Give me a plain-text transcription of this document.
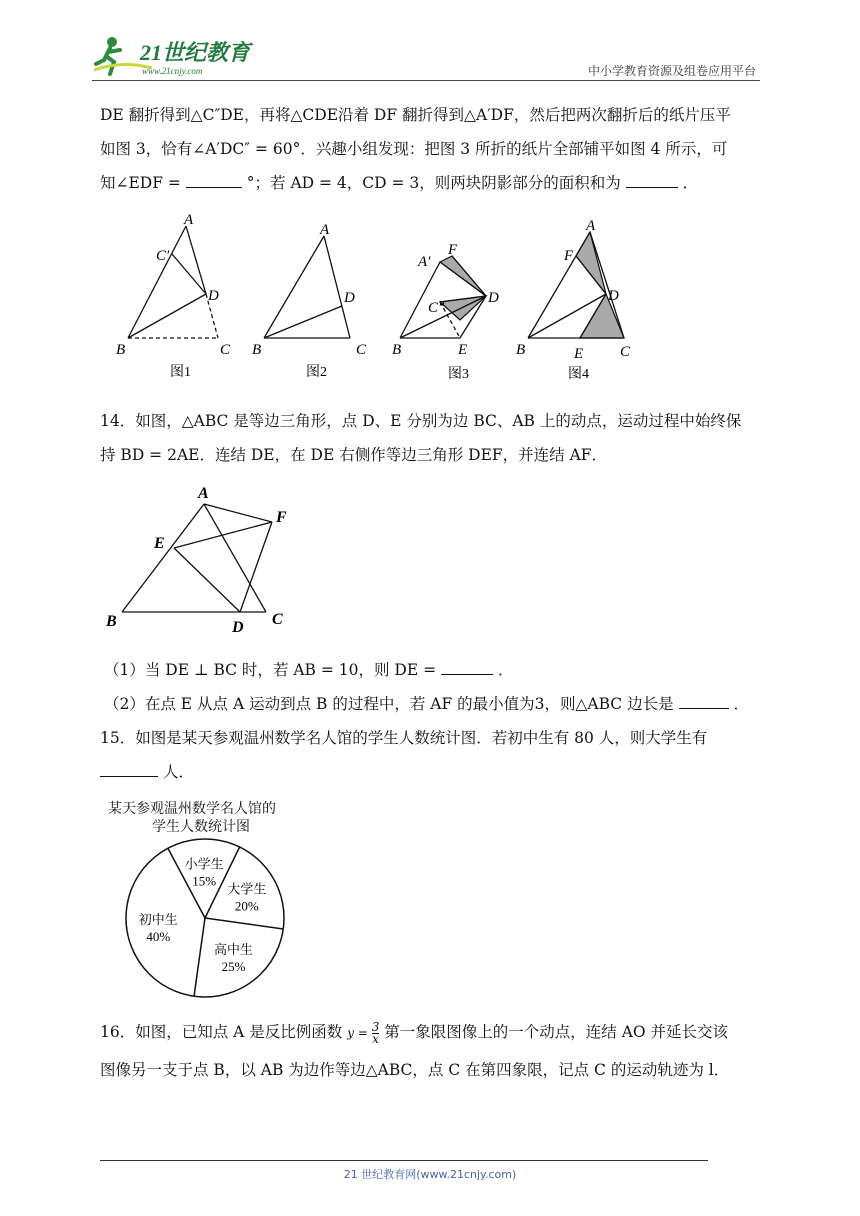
21世纪教育
www.21cnjy.com	中小学教育资源及组卷应用平台
DE 翻折得到△C″DE，再将△CDE沿着 DF 翻折得到△A′DF，然后把两次翻折后的纸片压平
如图 3，恰有∠A′DC″ = 60°．兴趣小组发现：把图 3 所折的纸片全部铺平如图 4 所示，可
知∠EDF =	°；若 AD = 4，CD = 3，则两块阴影部分的面积和为	．
A
C′
D
B	C
图1
A
D
B	C
图2
A′
F
C″
D
B	E
图3
A
F
D
B	E C
图4
14．如图，△ABC 是等边三角形，点 D、E 分别为边 BC、AB 上的动点，运动过程中始终保
持 BD = 2AE．连结 DE，在 DE 右侧作等边三角形 DEF，并连结 AF．
A
F
E
B	D C
（1）当 DE ⊥ BC 时，若 AB = 10，则 DE =	．
（2）在点 E 从点 A 运动到点 B 的过程中，若 AF 的最小值为3，则△ABC 边长是	．
15．如图是某天参观温州数学名人馆的学生人数统计图．若初中生有 80 人，则大学生有
人．
某天参观温州数学名人馆的
学生人数统计图
小学生
15%
大学生
20%
高中生
25%
初中生
40%
16．如图，已知点 A 是反比例函数 $y = \frac{3}{x}$ 第一象限图像上的一个动点，连结 AO 并延长交该
图像另一支于点 B，以 AB 为边作等边△ABC，点 C 在第四象限，记点 C 的运动轨迹为 l．
21 世纪教育网(www.21cnjy.com)
